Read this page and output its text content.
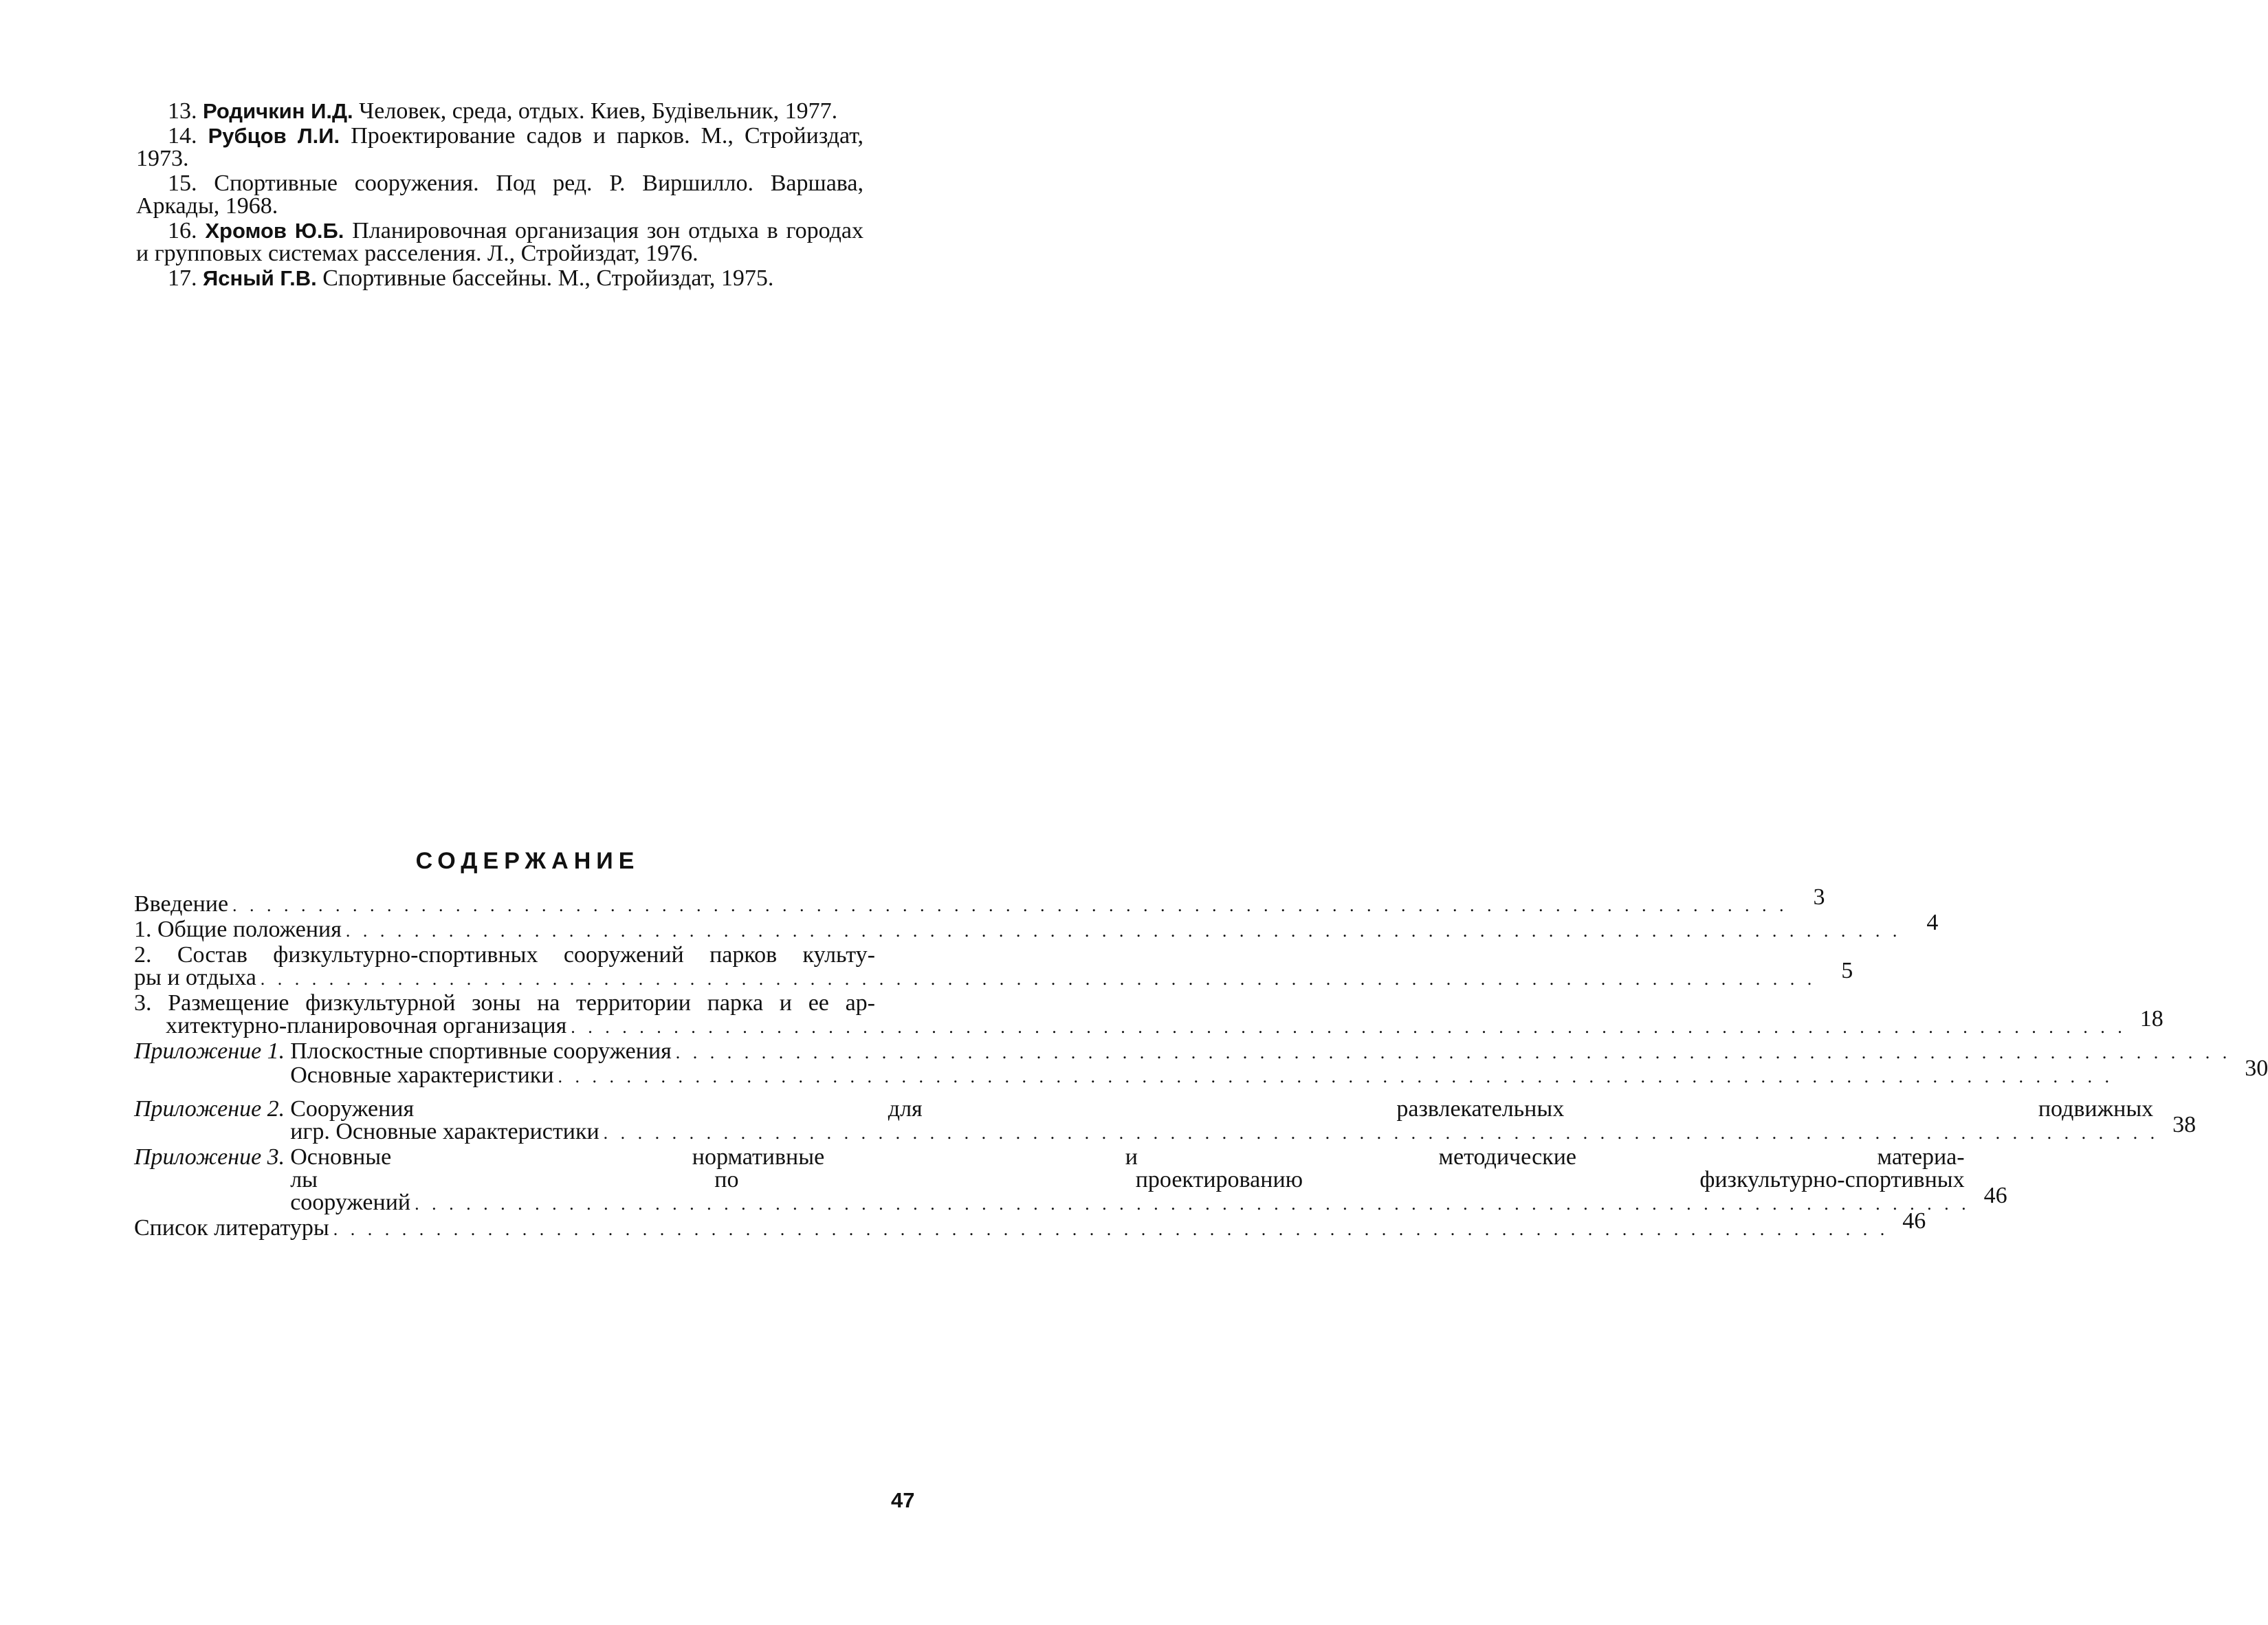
13. Родичкин И.Д. Человек, среда, отдых. Киев, Будiвельник, 1977.

14. Рубцов Л.И. Проектирование садов и парков. М., Стройиздат, 1973.

15. Спортивные сооружения. Под ред. Р. Виршилло. Варшава, Аркады, 1968.

16. Хромов Ю.Б. Планировочная организация зон отдыха в городах и групповых системах расселения. Л., Стройиздат, 1976.

17. Ясный Г.В. Спортивные бассейны. М., Стройиздат, 1975.

СОДЕРЖАНИЕ
Введение . . .	3
1. Общие положения . . .	4
2. Состав физкультурно-спортивных сооружений парков культу-
ры и отдыха . . .	5
3. Размещение физкультурной зоны на территории парка и ее ар-
хитектурно-планировочная организация . . .	18
Приложение 1. Плоскостные спортивные сооружения
. . .
Основные характеристики . . .	30
Приложение 2. Сооружения для развлекательных подвижных
игр. Основные характеристики . . .	38
Приложение 3. Основные нормативные и методические материа-
лы по проектированию физкультурно-спортивных
сооружений . . .	46
Список литературы . . .	46
47
